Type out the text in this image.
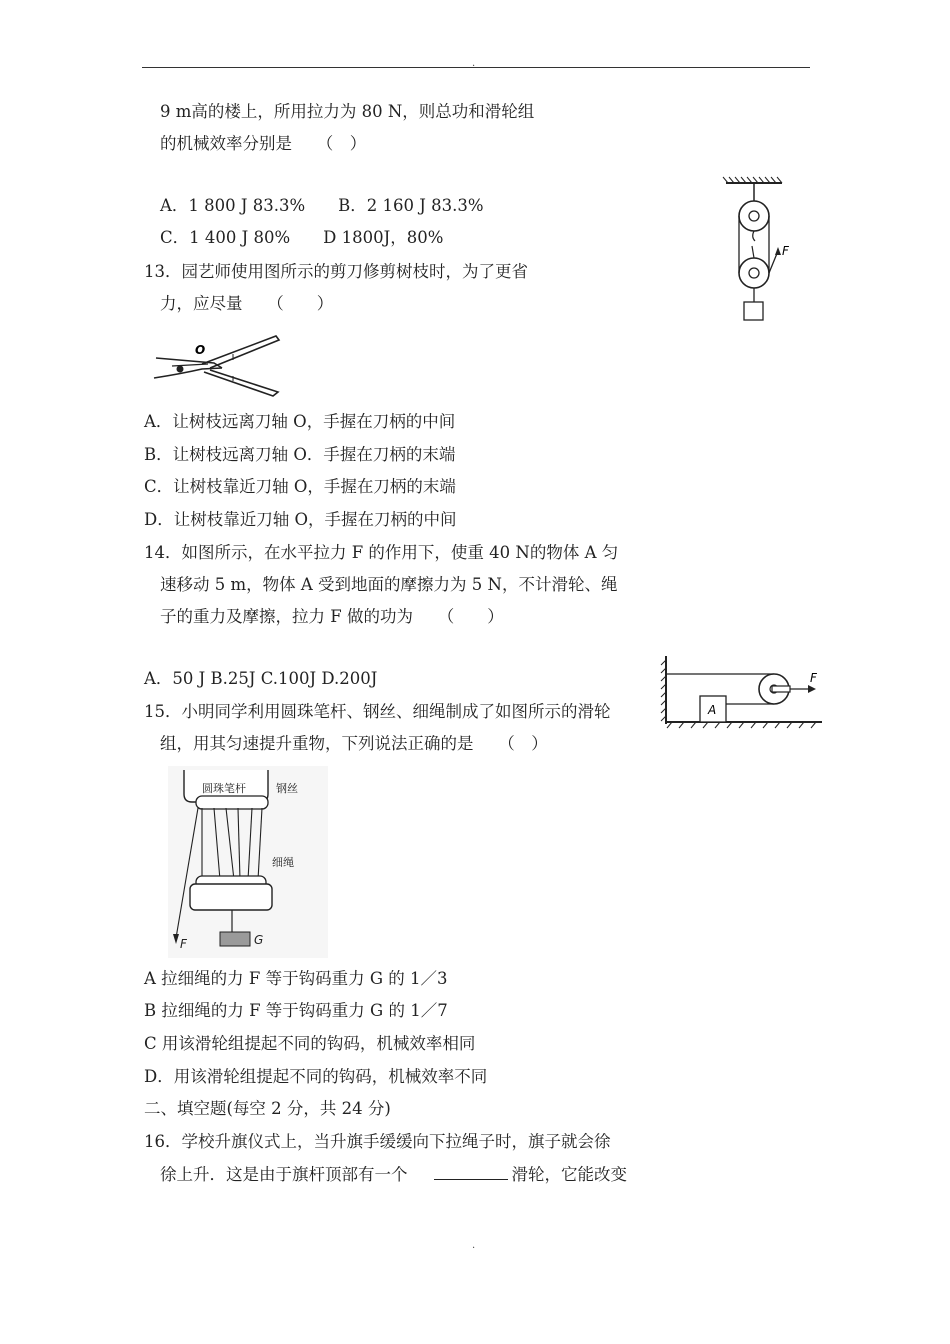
.
9 m高的楼上，所用拉力为 80 N，则总功和滑轮组
的机械效率分别是　　（　）
A．1 800 J 83.3%　　B．2 160 J 83.3%
C．1 400 J 80%　　D 1800J，80%
F
13．园艺师使用图所示的剪刀修剪树枝时，为了更省
力，应尽量　　（　　）
O
A．让树枝远离刀轴 O，手握在刀柄的中间
B．让树枝远离刀轴 O．手握在刀柄的末端
C．让树枝靠近刀轴 O，手握在刀柄的末端
D．让树枝靠近刀轴 O，手握在刀柄的中间
14．如图所示，在水平拉力 F 的作用下，使重 40 N的物体 A 匀
速移动 5 m，物体 A 受到地面的摩擦力为 5 N，不计滑轮、绳
子的重力及摩擦，拉力 F 做的功为　　（　　）
A．50 J B.25J C.100J D.200J
A
F
15．小明同学利用圆珠笔杆、钢丝、细绳制成了如图所示的滑轮
组，用其匀速提升重物，下列说法正确的是　　（　）
圆珠笔杆	钢丝
F
细绳
G
A 拉细绳的力 F 等于钩码重力 G 的 1／3
B 拉细绳的力 F 等于钩码重力 G 的 1／7
C 用该滑轮组提起不同的钩码，机械效率相同
D．用该滑轮组提起不同的钩码，机械效率不同
二、填空题(每空 2 分，共 24 分)
16．学校升旗仪式上，当升旗手缓缓向下拉绳子时，旗子就会徐
徐上升．这是由于旗杆顶部有一个	滑轮，它能改变
.
